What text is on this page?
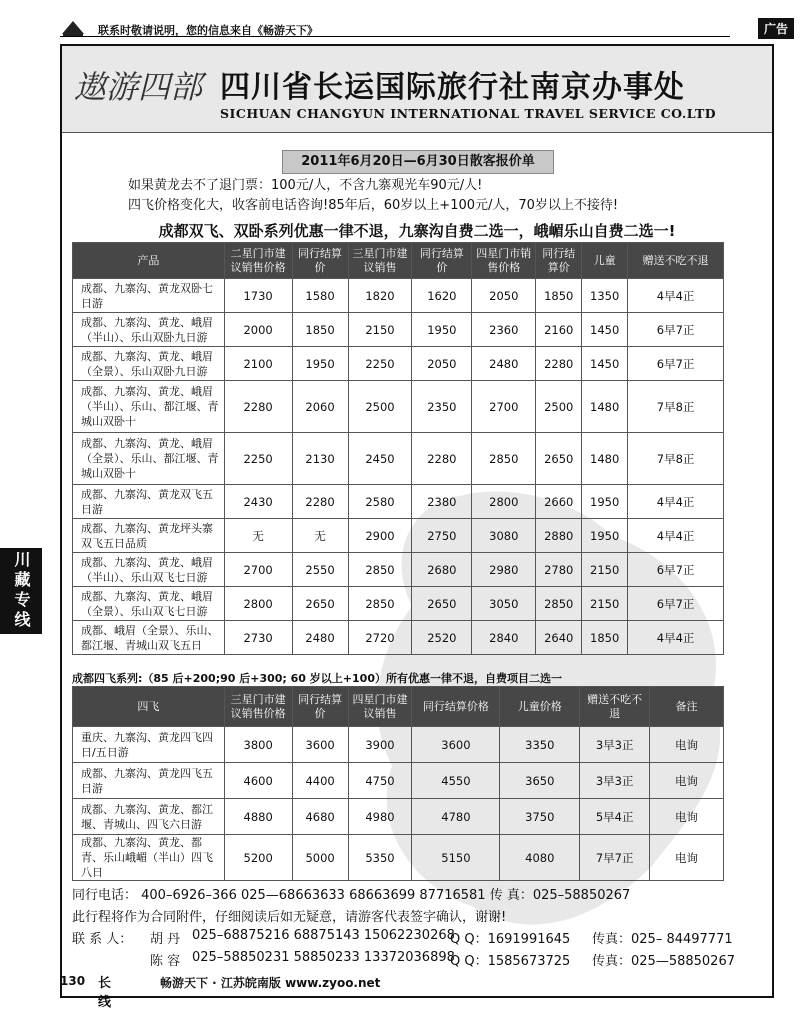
联系时敬请说明，您的信息来自《畅游天下》	广告
川藏专线
遨游四部 四川省长运国际旅行社南京办事处
SICHUAN CHANGYUN INTERNATIONAL TRAVEL SERVICE CO.LTD
2011年6月20日—6月30日散客报价单
如果黄龙去不了退门票：100元/人，不含九寨观光车90元/人!
四飞价格变化大，收客前电话咨询!85年后，60岁以上+100元/人，70岁以上不接待!
成都双飞、双卧系列优惠一律不退，九寨沟自费二选一，峨嵋乐山自费二选一!
产品	二星门市建议销售价格	同行结算价	三星门市建议销售	同行结算价	四星门市销售价格	同行结算价	儿童	赠送不吃不退
成都、九寨沟、黄龙双卧七日游	1730	1580	1820	1620	2050	1850	1350	4早4正
成都、九寨沟、黄龙、峨眉（半山）、乐山双卧九日游	2000	1850	2150	1950	2360	2160	1450	6早7正
成都、九寨沟、黄龙、峨眉（全景）、乐山双卧九日游	2100	1950	2250	2050	2480	2280	1450	6早7正
成都、九寨沟、黄龙、峨眉（半山）、乐山、都江堰、青城山双卧十	2280	2060	2500	2350	2700	2500	1480	7早8正
成都、九寨沟、黄龙、峨眉（全景）、乐山、都江堰、青城山双卧十	2250	2130	2450	2280	2850	2650	1480	7早8正
成都、九寨沟、黄龙双飞五日游	2430	2280	2580	2380	2800	2660	1950	4早4正
成都、九寨沟、黄龙坪头寨双飞五日品质	无	无	2900	2750	3080	2880	1950	4早4正
成都、九寨沟、黄龙、峨眉（半山）、乐山双飞七日游	2700	2550	2850	2680	2980	2780	2150	6早7正
成都、九寨沟、黄龙、峨眉（全景）、乐山双飞七日游	2800	2650	2850	2650	3050	2850	2150	6早7正
成都、峨眉（全景）、乐山、都江堰、青城山双飞五日	2730	2480	2720	2520	2840	2640	1850	4早4正
成都四飞系列:（85 后+200;90 后+300; 60 岁以上+100）所有优惠一律不退，自费项目二选一
四飞	三星门市建议销售价格	同行结算价	四星门市建议销售	同行结算价格	儿童价格	赠送不吃不退	备注
重庆、九寨沟、黄龙四飞四日/五日游	3800	3600	3900	3600	3350	3早3正	电询
成都、九寨沟、黄龙四飞五日游	4600	4400	4750	4550	3650	3早3正	电询
成都、九寨沟、黄龙、都江堰、青城山、四飞六日游	4880	4680	4980	4780	3750	5早4正	电询
成都、九寨沟、黄龙、都青、乐山峨嵋（半山）四飞八日	5200	5000	5350	5150	4080	7早7正	电询
同行电话： 400–6926–366 025—68663633 68663699 87716581 传 真：025–58850267
此行程将作为合同附件，仔细阅读后如无疑意，请游客代表签字确认，谢谢!
联 系 人： 胡 丹 025–68875216 68875143 15062230268
Q Q：1691991645 传真：025– 84497771
陈 容 025–58850231 58850233 13372036898
Q Q：1585673725 传真：025—58850267
130 长线
畅游天下 · 江苏皖南版 www.zyoo.net
